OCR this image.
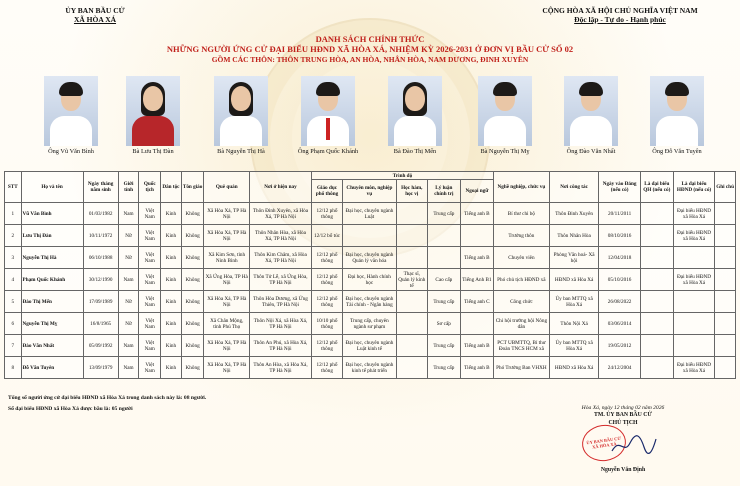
ỦY BAN BẦU CỬ
XÃ HÒA XÁ
CỘNG HÒA XÃ HỘI CHỦ NGHĨA VIỆT NAM
Độc lập - Tự do - Hạnh phúc
DANH SÁCH CHÍNH THỨC
NHỮNG NGƯỜI ỨNG CỬ ĐẠI BIỂU HĐND XÃ HÒA XÁ, NHIỆM KỲ 2026-2031 Ở ĐƠN VỊ BẦU CỬ SỐ 02
GỒM CÁC THÔN: THÔN TRUNG HÒA, AN HÒA, NHÂN HÒA, NAM DƯƠNG, ĐINH XUYÊN
Ông Vũ Văn Bình	Bà Lưu Thị Đàn	Bà Nguyễn Thị Hà	Ông Phạm Quốc Khánh	Bà Đào Thị Mến	Bà Nguyễn Thị Mỵ	Ông Đào Văn Nhất	Ông Đỗ Văn Tuyên
STT	Họ và tên	Ngày tháng năm sinh	Giới tính	Quốc tịch	Dân tộc	Tôn giáo	Quê quán	Nơi ở hiện nay	Trình độ					Nghề nghiệp, chức vụ	Nơi công tác	Ngày vào Đảng (nếu có)	Là đại biểu QH (nếu có)	Là đại biểu HĐND (nếu có)	Ghi chú
									Giáo dục phổ thông	Chuyên môn, nghiệp vụ	Học hàm, học vị	Lý luận chính trị	Ngoại ngữ						
1	Vũ Văn Bình	01/03/1982	Nam	Việt Nam	Kinh	Không	Xã Hòa Xá, TP Hà Nội	Thôn Đinh Xuyên, xã Hòa Xá, TP Hà Nội	12/12 phổ thông	Đại học, chuyên ngành Luật		Trung cấp	Tiếng anh B	Bí thư chi bộ	Thôn Đinh Xuyên	20/11/2011		Đại biểu HĐND xã Hòa Xá	
2	Lưu Thị Đàn	10/11/1972	Nữ	Việt Nam	Kinh	Không	Xã Hòa Xá, TP Hà Nội	Thôn Nhân Hòa, xã Hòa Xá, TP Hà Nội	12/12 bổ túc					Trưởng thôn	Thôn Nhân Hòa	08/10/2016		Đại biểu HĐND xã Hòa Xá	
3	Nguyễn Thị Hà	06/10/1988	Nữ	Việt Nam	Kinh	Không	Xã Kim Sơn, tỉnh Ninh Bình	Thôn Kim Châm, xã Hòa Xá, TP Hà Nội	12/12 phổ thông	Đại học, chuyên ngành Quản lý văn hóa			Tiếng anh B	Chuyên viên	Phòng Văn hoá- Xã hội	12/04/2018			
4	Phạm Quốc Khánh	30/12/1990	Nam	Việt Nam	Kinh	Không	Xã Ứng Hòa, TP Hà Nội	Thôn Tử Lễ, xã Ứng Hòa, TP Hà Nội	12/12 phổ thông	Đại học, Hành chính học	Thạc sĩ, Quản lý kinh tế	Cao cấp	Tiếng Anh B1	Phó chủ tịch HĐND xã	HĐND xã Hòa Xá	05/10/2016		Đại biểu HĐND xã Hòa Xá	
5	Đào Thị Mến	17/09/1989	Nữ	Việt Nam	Kinh	Không	Xã Hòa Xá, TP Hà Nội	Thôn Hòa Dương, xã Ứng Thiên, TP Hà Nội	12/12 phổ thông	Đại học, chuyên ngành Tài chính - Ngân hàng		Trung cấp	Tiếng anh C	Công chức	Ủy ban MTTQ xã Hòa Xá	26/08/2022			
6	Nguyễn Thị Mỵ	16/8/1965	Nữ	Việt Nam	Kinh	Không	Xã Chân Mộng, tỉnh Phú Thọ	Thôn Nội Xá, xã Hòa Xá, TP Hà Nội	10/10 phổ thông	Trung cấp, chuyên ngành sư phạm		Sơ cấp		Chi hội trưởng hội Nông dân	Thôn Nội Xá	03/06/2014			
7	Đào Văn Nhất	05/09/1992	Nam	Việt Nam	Kinh	Không	Xã Hòa Xá, TP Hà Nội	Thôn An Phú, xã Hòa Xá, TP Hà Nội	12/12 phổ thông	Đại học, chuyên ngành Luật kinh tế		Trung cấp	Tiếng anh B	PCT UBMTTQ, Bí thư Đoàn TNCS HCM xã	Ủy ban MTTQ xã Hòa Xá	19/05/2012			
8	Đỗ Văn Tuyên	13/09/1979	Nam	Việt Nam	Kinh	Không	Xã Hòa Xá, TP Hà Nội	Thôn An Hòa, xã Hòa Xá, TP Hà Nội	12/12 phổ thông	Đại học, chuyên ngành kinh tế phát triển		Trung cấp	Tiếng anh B	Phó Trưởng Ban VHXH	HĐND xã Hòa Xá	24/12/2004		Đại biểu HĐND xã Hòa Xá	
Tổng số người ứng cử đại biểu HĐND xã Hòa Xá trong danh sách này là: 08 người.
Số đại biểu HĐND xã Hòa Xá được bầu là: 05 người	Hòa Xá, ngày 12 tháng 02 năm 2026
TM. ỦY BAN BẦU CỬ
CHỦ TỊCH
ỦY BAN BẦU CỬ XÃ HÒA XÁ
Nguyễn Văn Định
